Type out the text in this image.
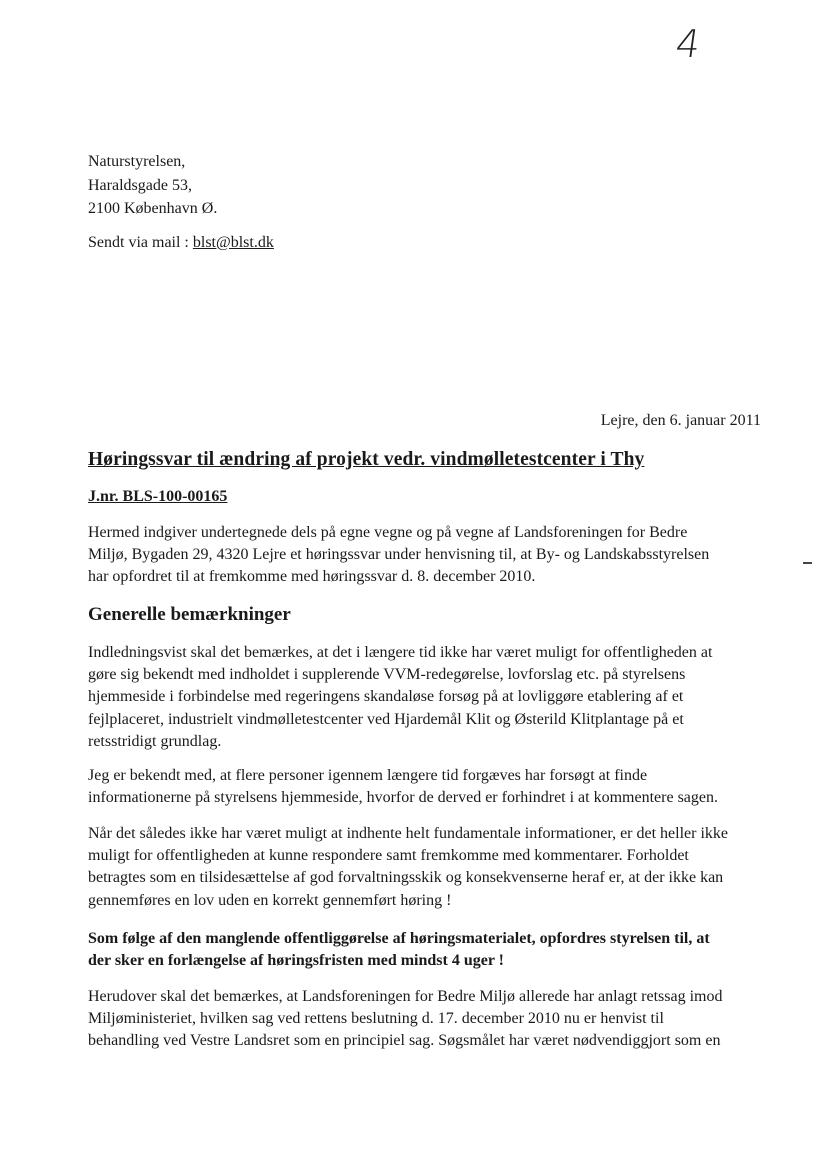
4
Naturstyrelsen,
Haraldsgade 53,
2100 København Ø.
Sendt via mail : blst@blst.dk
Lejre, den 6. januar 2011
Høringssvar til ændring af projekt vedr. vindmølletestcenter i Thy
J.nr. BLS-100-00165

Hermed indgiver undertegnede dels på egne vegne og på vegne af Landsforeningen for Bedre
Miljø, Bygaden 29, 4320 Lejre et høringssvar under henvisning til, at By- og Landskabsstyrelsen
har opfordret til at fremkomme med høringssvar d. 8. december 2010.

Generelle bemærkninger

Indledningsvist skal det bemærkes, at det i længere tid ikke har været muligt for offentligheden at
gøre sig bekendt med indholdet i supplerende VVM-redegørelse, lovforslag etc. på styrelsens
hjemmeside i forbindelse med regeringens skandaløse forsøg på at lovliggøre etablering af et
fejlplaceret, industrielt vindmølletestcenter ved Hjardemål Klit og Østerild Klitplantage på et
retsstridigt grundlag.

Jeg er bekendt med, at flere personer igennem længere tid forgæves har forsøgt at finde
informationerne på styrelsens hjemmeside, hvorfor de derved er forhindret i at kommentere sagen.

Når det således ikke har været muligt at indhente helt fundamentale informationer, er det heller ikke
muligt for offentligheden at kunne respondere samt fremkomme med kommentarer. Forholdet
betragtes som en tilsidesættelse af god forvaltningsskik og konsekvenserne heraf er, at der ikke kan
gennemføres en lov uden en korrekt gennemført høring !

Som følge af den manglende offentliggørelse af høringsmaterialet, opfordres styrelsen til, at
der sker en forlængelse af høringsfristen med mindst 4 uger !

Herudover skal det bemærkes, at Landsforeningen for Bedre Miljø allerede har anlagt retssag imod
Miljøministeriet, hvilken sag ved rettens beslutning d. 17. december 2010 nu er henvist til
behandling ved Vestre Landsret som en principiel sag. Søgsmålet har været nødvendiggjort som en
